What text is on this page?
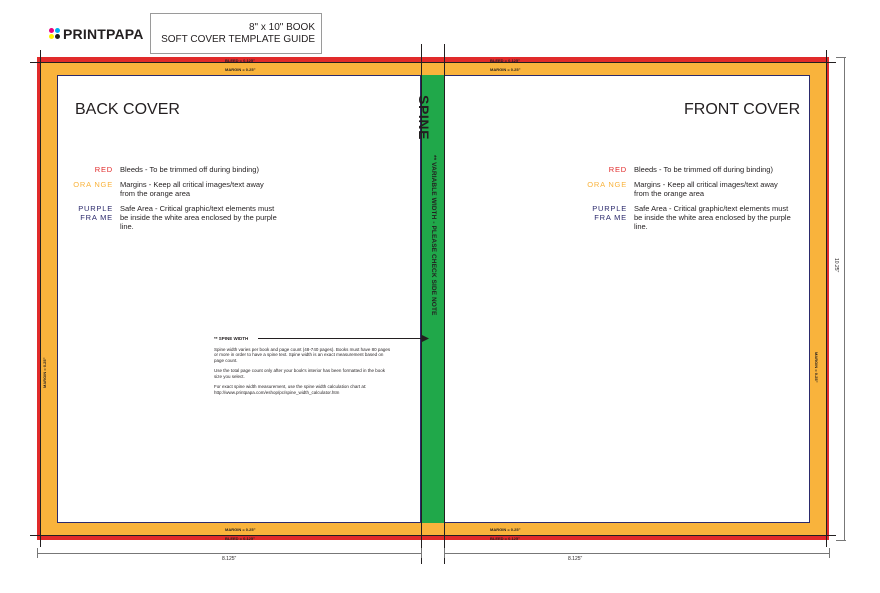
PRINTPAPA	8" x 10" BOOK
SOFT COVER TEMPLATE GUIDE
BLEED = 0.125"
MARGIN = 0.25"
BLEED = 0.125"
MARGIN = 0.25"
MARGIN = 0.25"
BLEED = 0.125"
MARGIN = 0.25"
BLEED = 0.125"
MARGIN = 0.25"	MARGIN = 0.25"
BACK COVER
RED Bleeds - To be trimmed off during binding)
ORA NGE Margins - Keep all critical images/text away from the orange area
PURPLE FRA ME
Safe Area - Critical graphic/text elements must be inside the white area enclosed by the purple line.
** SPINE WIDTH
Spine width varies per book and page count (48-740 pages). Books must have 80 pages or more in order to have a spine text. Spine width is an exact measurement based on page count.
Use the total page count only after your book's interior has been formatted in the book size you select.
For exact spine width measurement, use the spine width calculation chart at:
http://www.printpapa.com/eshop/pc/spine_width_calculator.htm
SPINE
** VARIABLE WIDTH - PLEASE CHECK SIDE NOTE
FRONT COVER
RED Bleeds - To be trimmed off during binding)
ORA NGE Margins - Keep all critical images/text away from the orange area
PURPLE FRA ME
Safe Area - Critical graphic/text elements must be inside the white area enclosed by the purple line.
8.125"	8.125"
10.25"
